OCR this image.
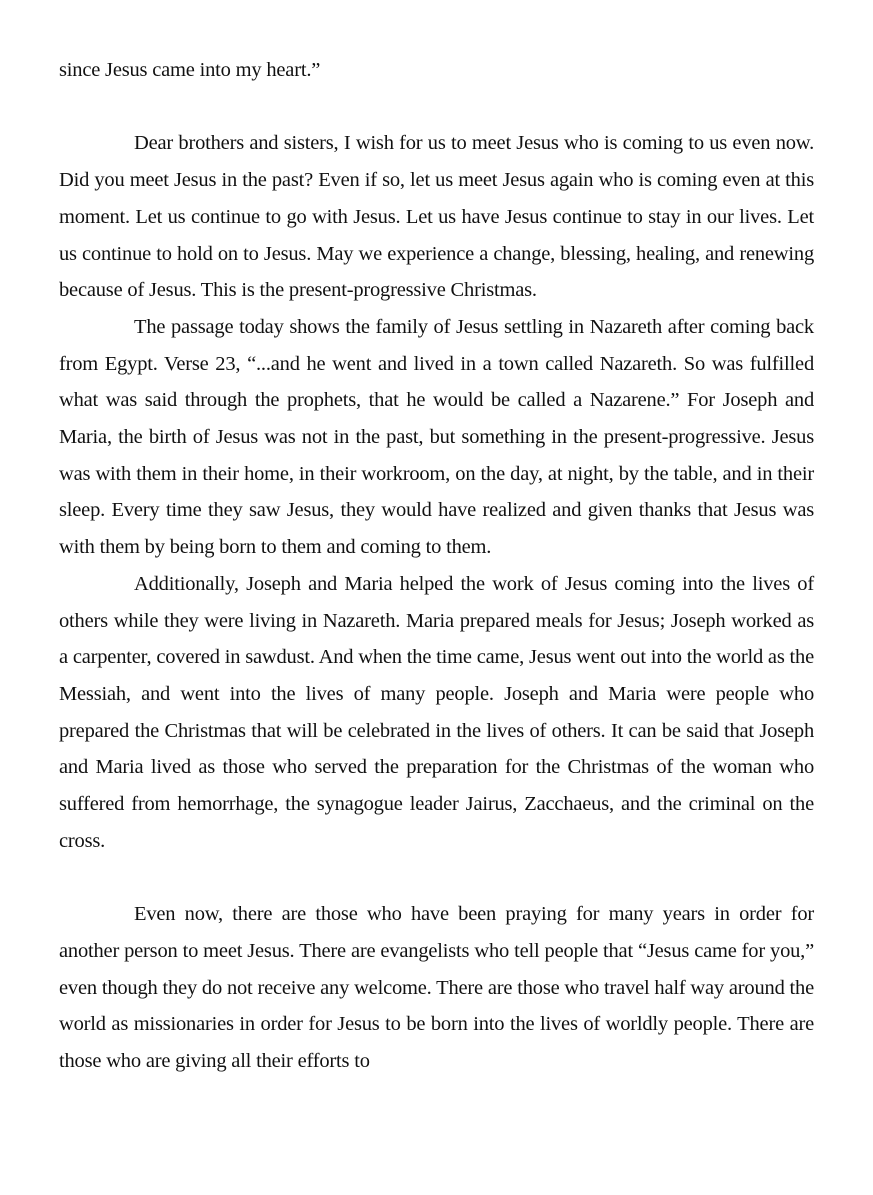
since Jesus came into my heart.”

Dear brothers and sisters, I wish for us to meet Jesus who is coming to us even now. Did you meet Jesus in the past? Even if so, let us meet Jesus again who is coming even at this moment. Let us continue to go with Jesus. Let us have Jesus continue to stay in our lives. Let us continue to hold on to Jesus. May we experience a change, blessing, healing, and renewing because of Jesus. This is the present-progressive Christmas.

The passage today shows the family of Jesus settling in Nazareth after coming back from Egypt. Verse 23, “...and he went and lived in a town called Nazareth. So was fulfilled what was said through the prophets, that he would be called a Nazarene.” For Joseph and Maria, the birth of Jesus was not in the past, but something in the present-progressive. Jesus was with them in their home, in their workroom, on the day, at night, by the table, and in their sleep. Every time they saw Jesus, they would have realized and given thanks that Jesus was with them by being born to them and coming to them.

Additionally, Joseph and Maria helped the work of Jesus coming into the lives of others while they were living in Nazareth. Maria prepared meals for Jesus; Joseph worked as a carpenter, covered in sawdust. And when the time came, Jesus went out into the world as the Messiah, and went into the lives of many people. Joseph and Maria were people who prepared the Christmas that will be celebrated in the lives of others. It can be said that Joseph and Maria lived as those who served the preparation for the Christmas of the woman who suffered from hemorrhage, the synagogue leader Jairus, Zacchaeus, and the criminal on the cross.

Even now, there are those who have been praying for many years in order for another person to meet Jesus. There are evangelists who tell people that “Jesus came for you,” even though they do not receive any welcome. There are those who travel half way around the world as missionaries in order for Jesus to be born into the lives of worldly people. There are those who are giving all their efforts to
